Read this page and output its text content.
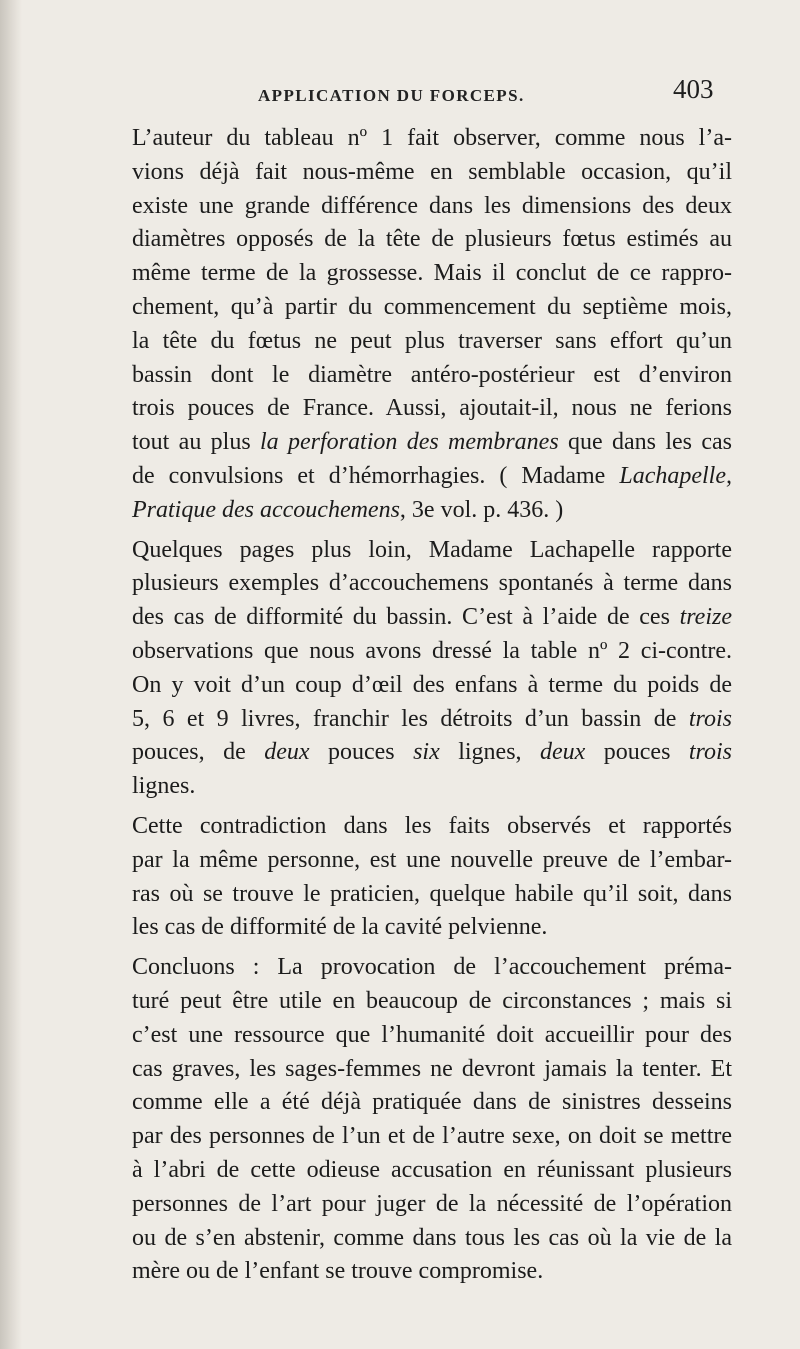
APPLICATION DU FORCEPS.	403
L’auteur du tableau nº 1 fait observer, comme nous l’a-
vions déjà fait nous-même en semblable occasion, qu’il
existe une grande différence dans les dimensions des deux
diamètres opposés de la tête de plusieurs fœtus estimés au
même terme de la grossesse. Mais il conclut de ce rappro-
chement, qu’à partir du commencement du septième mois,
la tête du fœtus ne peut plus traverser sans effort qu’un
bassin dont le diamètre antéro-postérieur est d’environ
trois pouces de France. Aussi, ajoutait-il, nous ne ferions
tout au plus la perforation des membranes que dans les cas
de convulsions et d’hémorrhagies. ( Madame Lachapelle,
Pratique des accouchemens, 3e vol. p. 436. )
Quelques pages plus loin, Madame Lachapelle rapporte
plusieurs exemples d’accouchemens spontanés à terme dans
des cas de difformité du bassin. C’est à l’aide de ces treize
observations que nous avons dressé la table nº 2 ci-contre.
On y voit d’un coup d’œil des enfans à terme du poids de
5, 6 et 9 livres, franchir les détroits d’un bassin de trois
pouces, de deux pouces six lignes, deux pouces trois
lignes.
Cette contradiction dans les faits observés et rapportés
par la même personne, est une nouvelle preuve de l’embar-
ras où se trouve le praticien, quelque habile qu’il soit, dans
les cas de difformité de la cavité pelvienne.
Concluons : La provocation de l’accouchement préma-
turé peut être utile en beaucoup de circonstances ; mais si
c’est une ressource que l’humanité doit accueillir pour des
cas graves, les sages-femmes ne devront jamais la tenter. Et
comme elle a été déjà pratiquée dans de sinistres desseins
par des personnes de l’un et de l’autre sexe, on doit se mettre
à l’abri de cette odieuse accusation en réunissant plusieurs
personnes de l’art pour juger de la nécessité de l’opération
ou de s’en abstenir, comme dans tous les cas où la vie de la
mère ou de l’enfant se trouve compromise.
